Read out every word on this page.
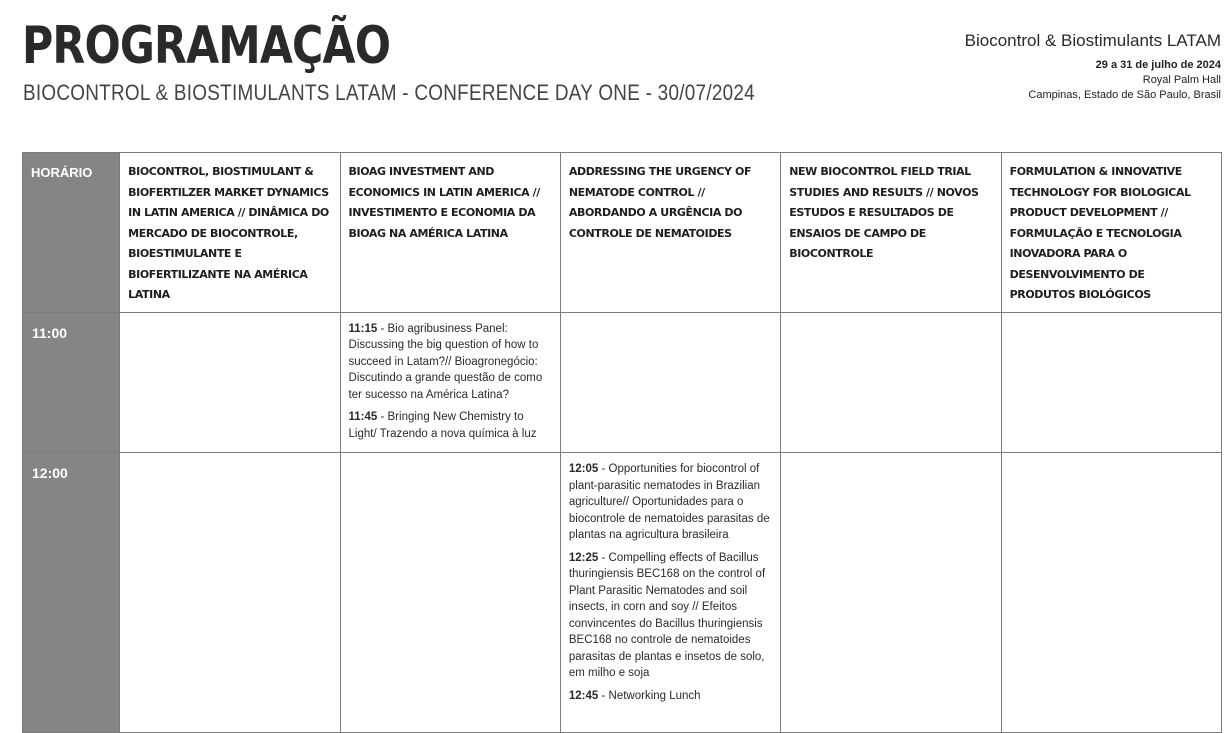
PROGRAMAÇÃO
BIOCONTROL & BIOSTIMULANTS LATAM - CONFERENCE DAY ONE - 30/07/2024
Biocontrol & Biostimulants LATAM
29 a 31 de julho de 2024
Royal Palm Hall
Campinas, Estado de São Paulo, Brasil
HORÁRIO	BIOCONTROL, BIOSTIMULANT & BIOFERTILZER MARKET DYNAMICS IN LATIN AMERICA // DINÂMICA DO MERCADO DE BIOCONTROLE, BIOESTIMULANTE E BIOFERTILIZANTE NA AMÉRICA LATINA	BIOAG INVESTMENT AND ECONOMICS IN LATIN AMERICA // INVESTIMENTO E ECONOMIA DA BIOAG NA AMÉRICA LATINA	ADDRESSING THE URGENCY OF NEMATODE CONTROL // ABORDANDO A URGÊNCIA DO CONTROLE DE NEMATOIDES	NEW BIOCONTROL FIELD TRIAL STUDIES AND RESULTS // NOVOS ESTUDOS E RESULTADOS DE ENSAIOS DE CAMPO DE BIOCONTROLE	FORMULATION & INNOVATIVE TECHNOLOGY FOR BIOLOGICAL PRODUCT DEVELOPMENT // FORMULAÇÃO E TECNOLOGIA INOVADORA PARA O DESENVOLVIMENTO DE PRODUTOS BIOLÓGICOS
11:00		11:15 - Bio agribusiness Panel: Discussing the big question of how to succeed in Latam?// Bioagronegócio: Discutindo a grande questão de como ter sucesso na América Latina?
11:45 - Bringing New Chemistry to Light/ Trazendo a nova química à luz			

12:00			12:05 - Opportunities for biocontrol of plant-parasitic nematodes in Brazilian agriculture// Oportunidades para o biocontrole de nematoides parasitas de plantas na agricultura brasileira
12:25 - Compelling effects of Bacillus thuringiensis BEC168 on the control of Plant Parasitic Nematodes and soil insects, in corn and soy // Efeitos convincentes do Bacillus thuringiensis BEC168 no controle de nematoides parasitas de plantas e insetos de solo, em milho e soja
12:45 - Networking Lunch		
